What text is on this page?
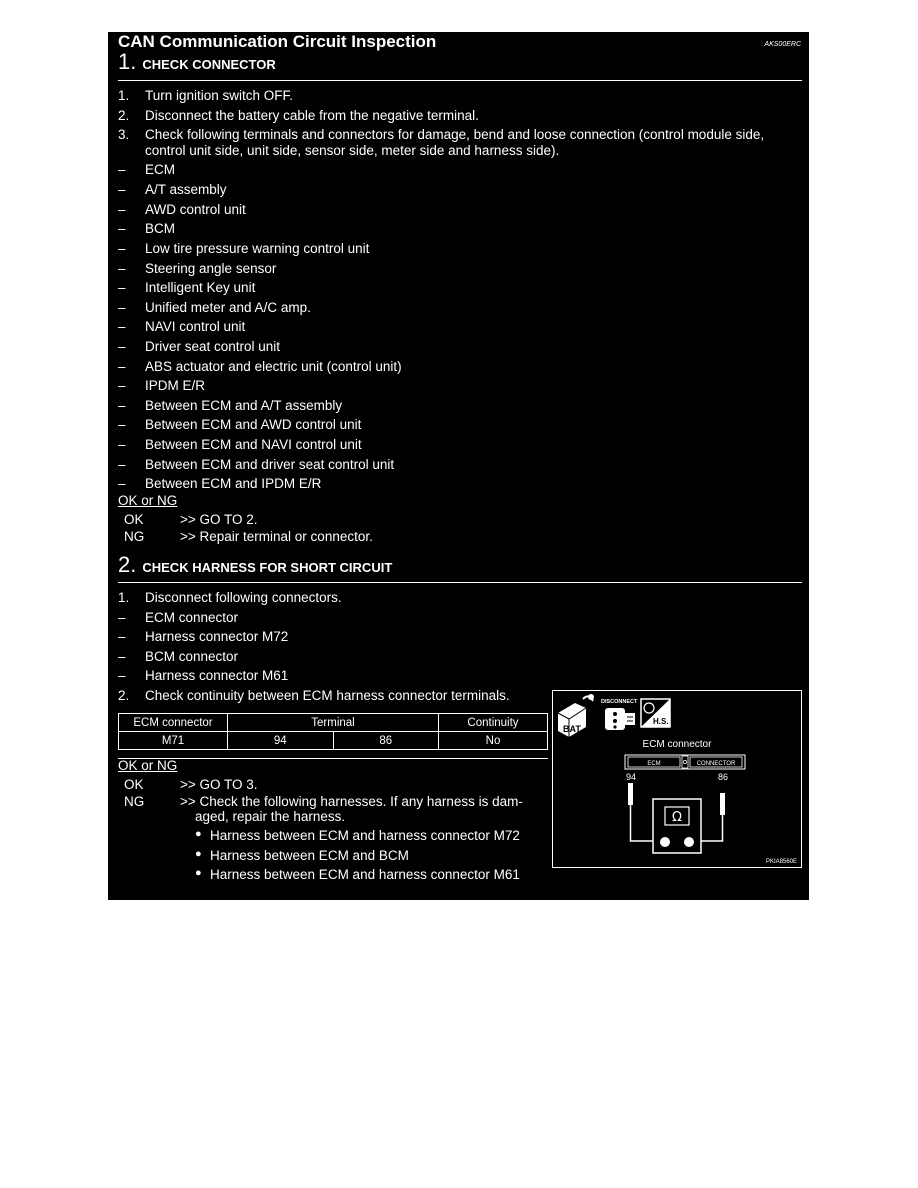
CAN Communication Circuit Inspection	AKS00ERC
1. CHECK CONNECTOR
1. Turn ignition switch OFF.
2. Disconnect the battery cable from the negative terminal.
3. Check following terminals and connectors for damage, bend and loose connection (control module side,
control unit side, unit side, sensor side, meter side and harness side).
– ECM
– A/T assembly
– AWD control unit
– BCM
– Low tire pressure warning control unit
– Steering angle sensor
– Intelligent Key unit
– Unified meter and A/C amp.
– NAVI control unit
– Driver seat control unit
– ABS actuator and electric unit (control unit)
– IPDM E/R
– Between ECM and A/T assembly
– Between ECM and AWD control unit
– Between ECM and NAVI control unit
– Between ECM and driver seat control unit
– Between ECM and IPDM E/R
OK or NG
OK	>> GO TO 2.
NG	>> Repair terminal or connector.
2. CHECK HARNESS FOR SHORT CIRCUIT
1. Disconnect following connectors.
– ECM connector
– Harness connector M72
– BCM connector
– Harness connector M61
2. Check continuity between ECM harness connector terminals.
ECM connector	Terminal		Continuity
M71	94	86	No
OK or NG
OK	>> GO TO 3.
NG	>> Check the following harnesses. If any harness is dam-
aged, repair the harness.
● Harness between ECM and harness connector M72
● Harness between ECM and BCM
● Harness between ECM and harness connector M61
BAT
DISCONNECT
H.S.
ECM connector
ECM	CONNECTOR
94	86
Ω
PKIA8560E
